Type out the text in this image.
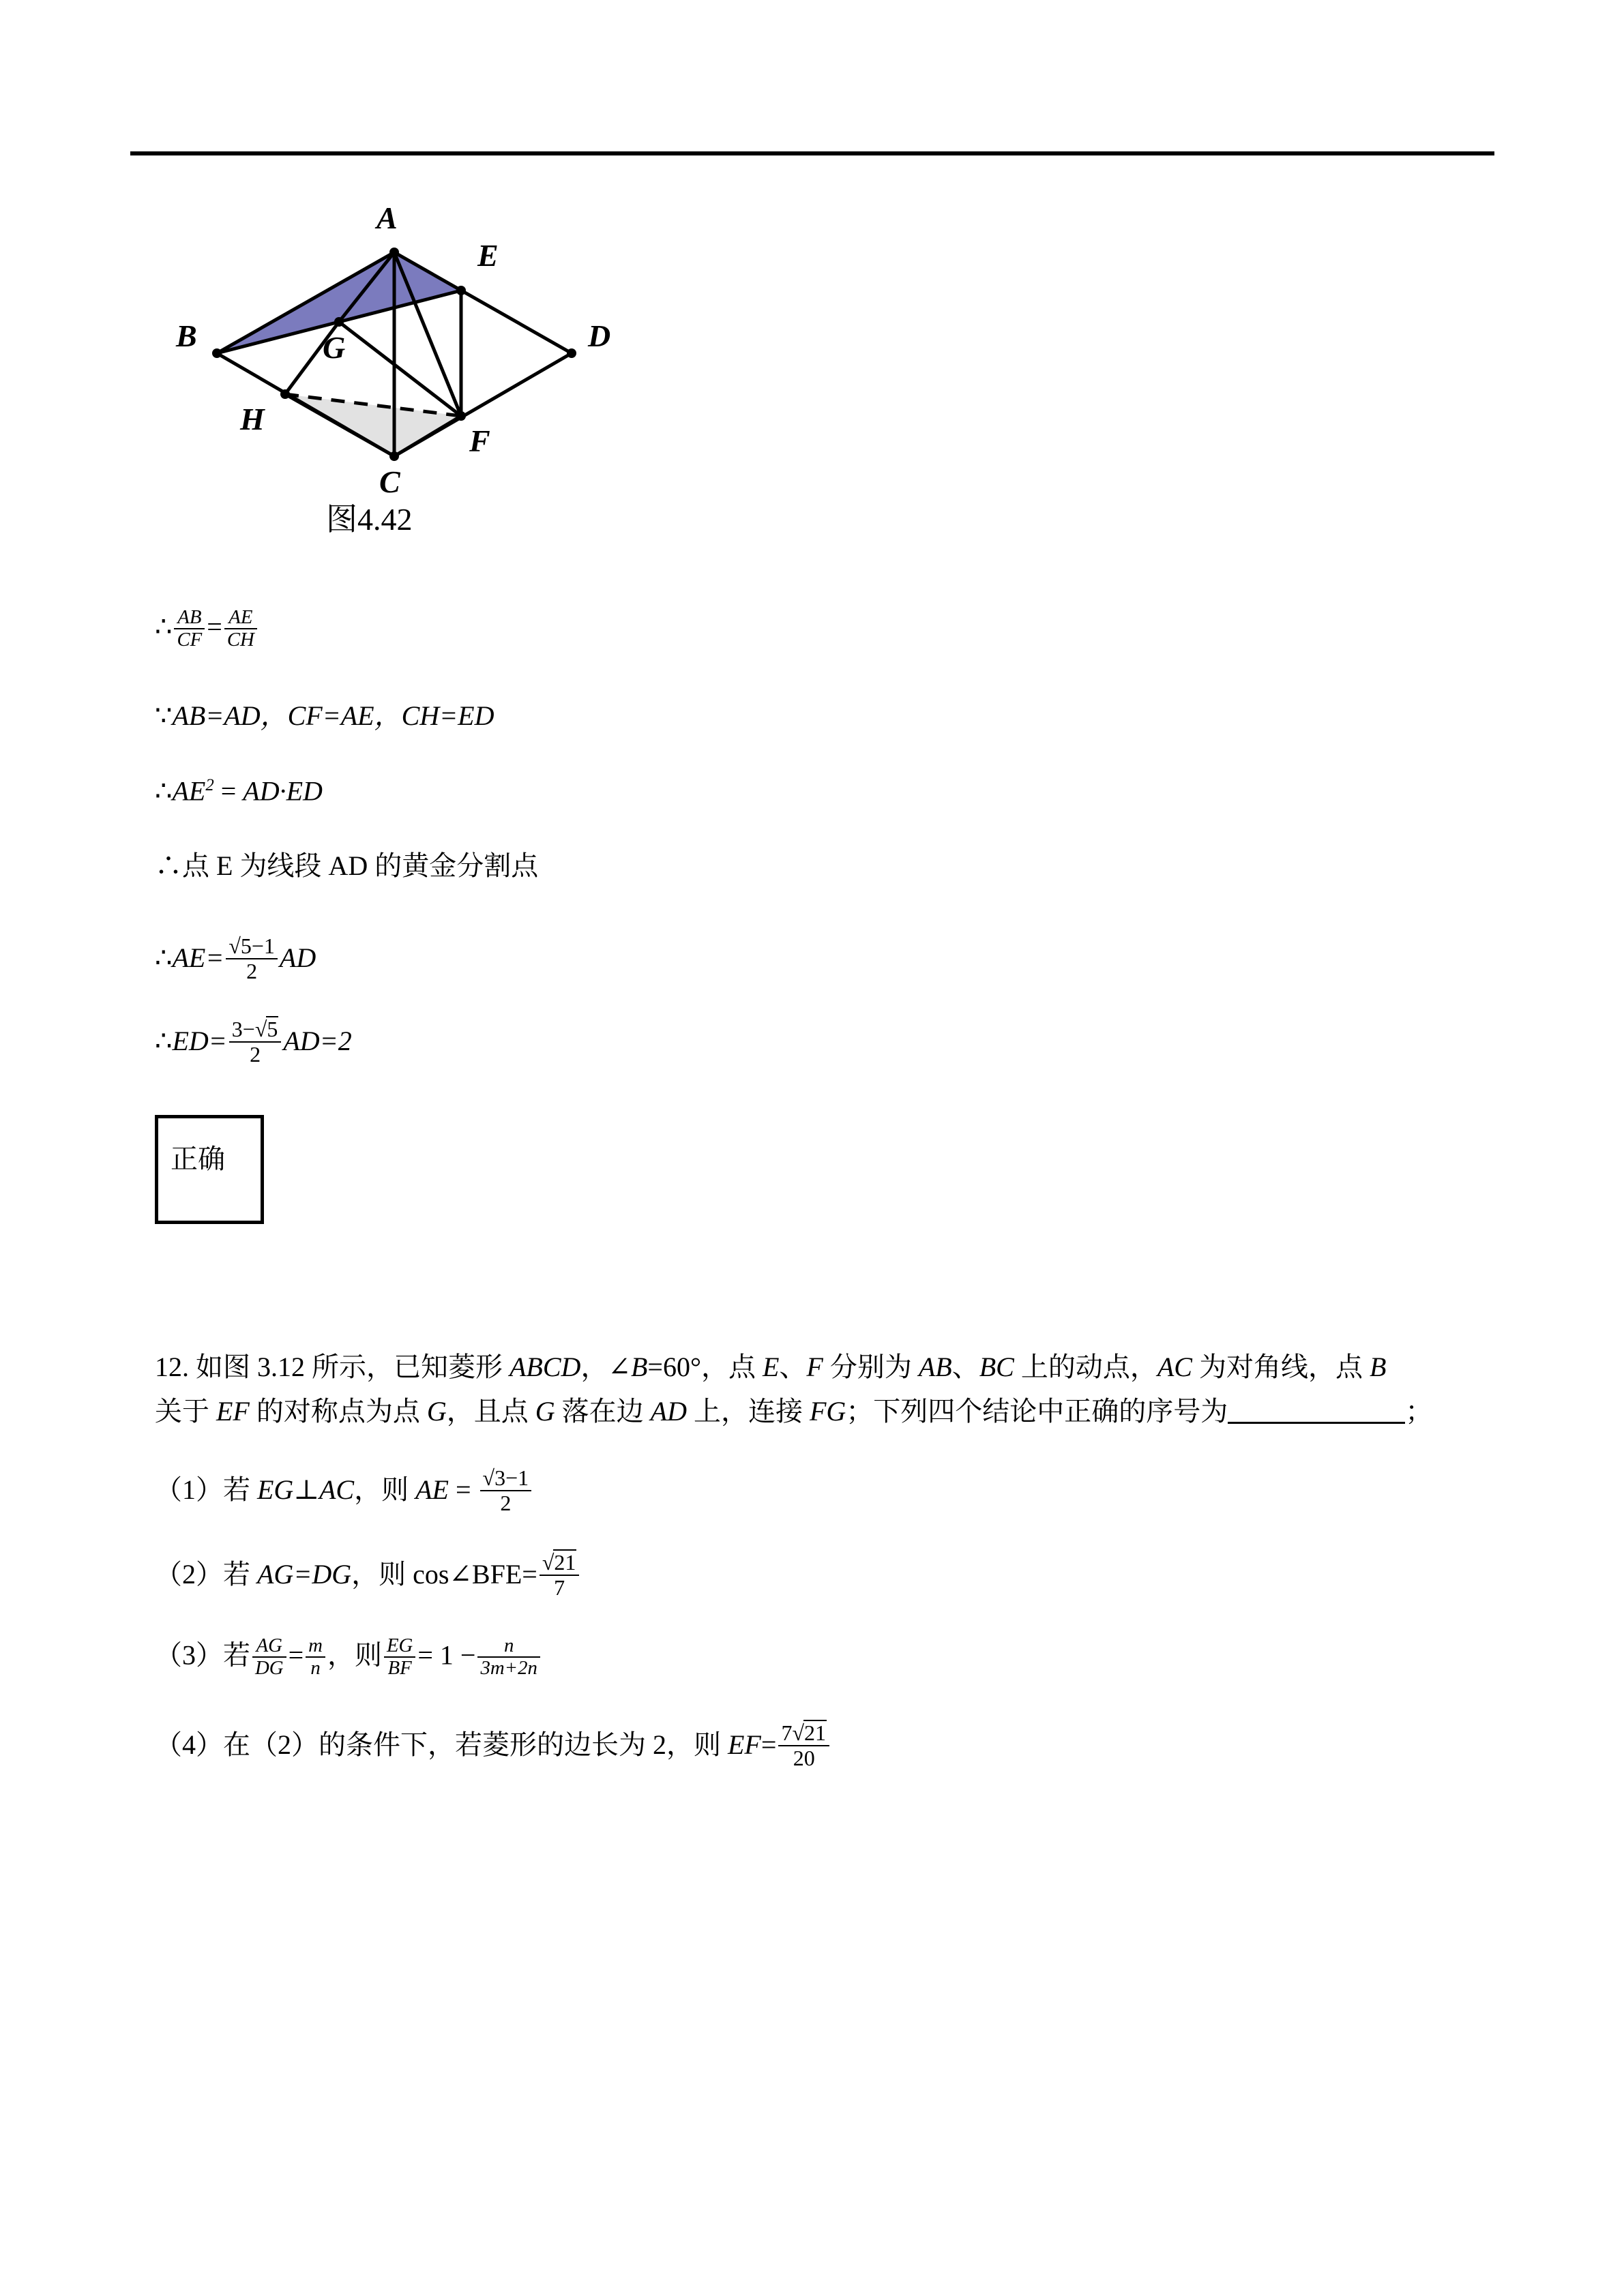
A
E
B	G	D
H
F
C
图4.42
∴ $\frac{AB}{CF} = \frac{AE}{CH}$
∵AB=AD，CF=AE，CH=ED
$\therefore AE^2 = AD\cdot ED$
∴点 E 为线段 AD 的黄金分割点
∴AE= $\frac{√5-1}{2}$ AD
∴ED= $\frac{3-√5}{2} AD=2$
正确
12. 如图 3.12 所示，已知菱形 ABCD，∠B=60°，点 E、F 分别为 AB、BC 上的动点，AC 为对角线，点 B
关于 EF 的对称点为点 G，且点 G 落在边 AD 上，连接 FG；下列四个结论中正确的序号为	；
（1）若 EG⊥AC，则 AE = $\frac{√3-1}{2}$
（2）若 AG=DG，则 cos∠BFE= $\frac{√21}{7}$
（3）若 $\frac{AG}{DG} = \frac{m}{n}$ ，则 $\frac{EG}{BF} = 1 - \frac{n}{3m+2n}$
（4）在（2）的条件下，若菱形的边长为 2，则 $EF= \frac{7√21}{20}$
